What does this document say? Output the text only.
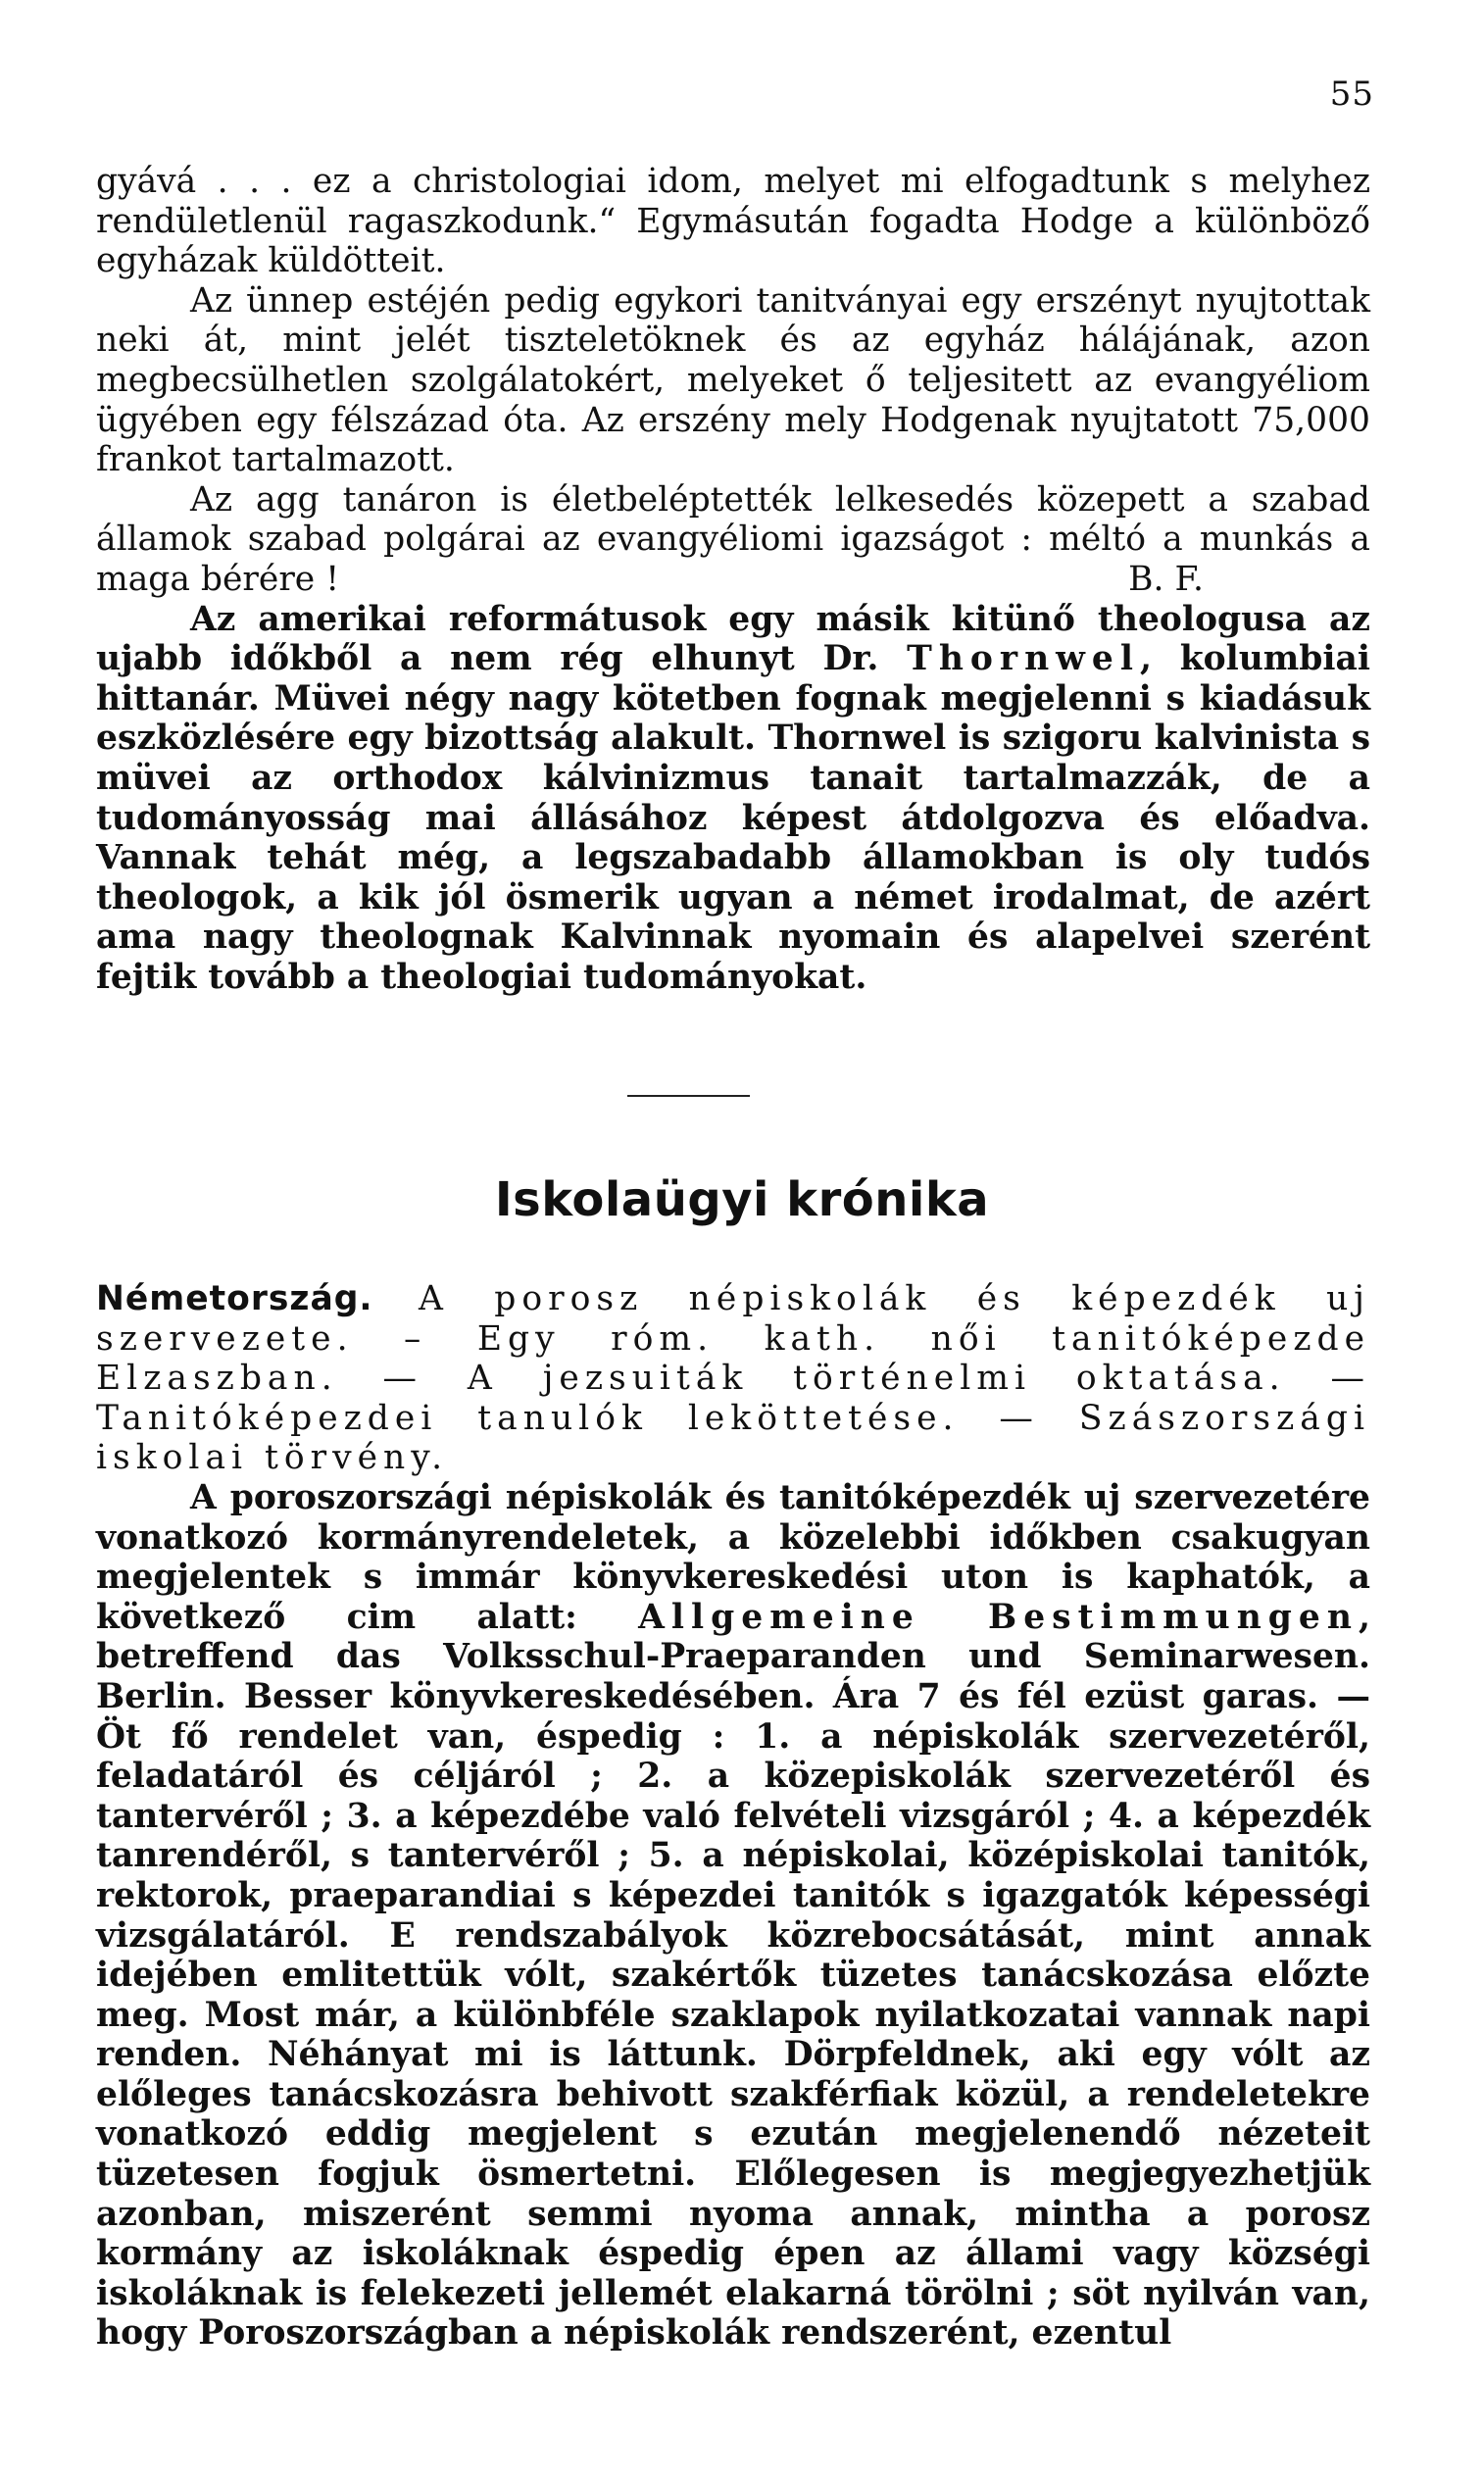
55

gyává . . . ez a christologiai idom, melyet mi elfogadtunk s melyhez rendületlenül ragaszkodunk.“ Egymásután fogadta Hodge a különböző egyházak küldötteit.

Az ünnep estéjén pedig egykori tanitványai egy erszényt nyujtottak neki át, mint jelét tiszteletöknek és az egyház hálájának, azon megbecsülhetlen szolgálatokért, melyeket ő teljesitett az evangyéliom ügyében egy félszázad óta. Az erszény mely Hodgenak nyujtatott 75,000 frankot tartalmazott.

Az agg tanáron is életbeléptették lelkesedés közepett a szabad államok szabad polgárai az evangyéliomi igazságot : méltó a munkás a maga bérére !	B. F.

Az amerikai reformátusok egy másik kitünő theologusa az ujabb időkből a nem rég elhunyt Dr. Thornwel, kolumbiai hittanár. Müvei négy nagy kötetben fognak megjelenni s kiadásuk eszközlésére egy bizottság alakult. Thornwel is szigoru kalvinista s müvei az orthodox kálvinizmus tanait tartalmazzák, de a tudományosság mai állásához képest átdolgozva és előadva. Vannak tehát még, a legszabadabb államokban is oly tudós theologok, a kik jól ösmerik ugyan a német irodalmat, de azért ama nagy theolognak Kalvinnak nyomain és alapelvei szerént fejtik tovább a theologiai tudományokat.

Iskolaügyi krónika

Németország. A porosz népiskolák és képezdék uj szervezete. – Egy róm. kath. női tanitóképezde Elzaszban. — A jezsuiták történelmi oktatása. — Tanitóképezdei tanulók leköttetése. — Szászországi iskolai törvény.

A poroszországi népiskolák és tanitóképezdék uj szervezetére vonatkozó kormányrendeletek, a közelebbi időkben csakugyan megjelentek s immár könyvkereskedési uton is kaphatók, a következő cim alatt: Allgemeine Bestimmungen, betreffend das Volksschul-Praeparanden und Seminarwesen. Berlin. Besser könyvkereskedésében. Ára 7 és fél ezüst garas. — Öt fő rendelet van, éspedig : 1. a népiskolák szervezetéről, feladatáról és céljáról ; 2. a közepiskolák szervezetéről és tantervéről ; 3. a képezdébe való felvételi vizsgáról ; 4. a képezdék tanrendéről, s tantervéről ; 5. a népiskolai, középiskolai tanitók, rektorok, praeparandiai s képezdei tanitók s igazgatók képességi vizsgálatáról. E rendszabályok közrebocsátását, mint annak idejében emlitettük vólt, szakértők tüzetes tanácskozása előzte meg. Most már, a különbféle szaklapok nyilatkozatai vannak napi renden. Néhányat mi is láttunk. Dörpfeldnek, aki egy vólt az előleges tanácskozásra behivott szakférfiak közül, a rendeletekre vonatkozó eddig megjelent s ezután megjelenendő nézeteit tüzetesen fogjuk ösmertetni. Előlegesen is megjegyezhetjük azonban, miszerént semmi nyoma annak, mintha a porosz kormány az iskoláknak éspedig épen az állami vagy községi iskoláknak is felekezeti jellemét elakarná törölni ; söt nyilván van, hogy Poroszországban a népiskolák rendszerént, ezentul
